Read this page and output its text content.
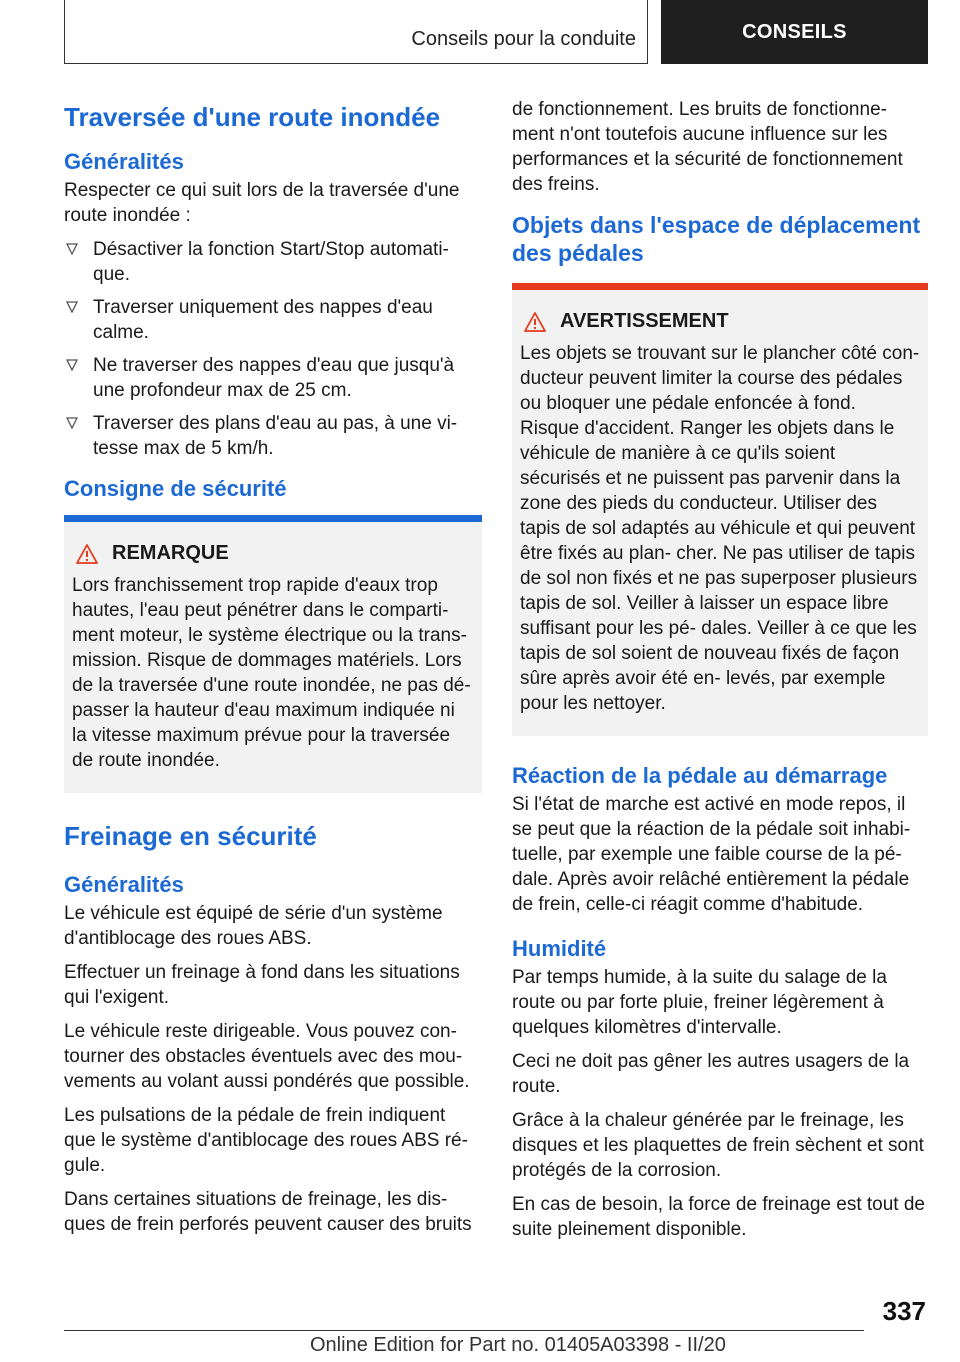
Conseils pour la conduite	CONSEILS
Traversée d'une route inondée
Généralités

Respecter ce qui suit lors de la traversée d'une route inondée :

Désactiver la fonction Start/Stop automati- que.
Traverser uniquement des nappes d'eau calme.
Ne traverser des nappes d'eau que jusqu'à une profondeur max de 25 cm.
Traverser des plans d'eau au pas, à une vi- tesse max de 5 km/h.
Consigne de sécurité
REMARQUE

Lors franchissement trop rapide d'eaux trop hautes, l'eau peut pénétrer dans le comparti- ment moteur, le système électrique ou la trans- mission. Risque de dommages matériels. Lors de la traversée d'une route inondée, ne pas dé- passer la hauteur d'eau maximum indiquée ni la vitesse maximum prévue pour la traversée de route inondée.

Freinage en sécurité
Généralités

Le véhicule est équipé de série d'un système d'antiblocage des roues ABS.

Effectuer un freinage à fond dans les situations qui l'exigent.

Le véhicule reste dirigeable. Vous pouvez con- tourner des obstacles éventuels avec des mou- vements au volant aussi pondérés que possible.

Les pulsations de la pédale de frein indiquent que le système d'antiblocage des roues ABS ré- gule.

Dans certaines situations de freinage, les dis- ques de frein perforés peuvent causer des bruits

de fonctionnement. Les bruits de fonctionne- ment n'ont toutefois aucune influence sur les performances et la sécurité de fonctionnement des freins.

Objets dans l'espace de déplacement des pédales
AVERTISSEMENT

Les objets se trouvant sur le plancher côté con- ducteur peuvent limiter la course des pédales ou bloquer une pédale enfoncée à fond. Risque d'accident. Ranger les objets dans le véhicule de manière à ce qu'ils soient sécurisés et ne puissent pas parvenir dans la zone des pieds du conducteur. Utiliser des tapis de sol adaptés au véhicule et qui peuvent être fixés au plan- cher. Ne pas utiliser de tapis de sol non fixés et ne pas superposer plusieurs tapis de sol. Veiller à laisser un espace libre suffisant pour les pé- dales. Veiller à ce que les tapis de sol soient de nouveau fixés de façon sûre après avoir été en- levés, par exemple pour les nettoyer.

Réaction de la pédale au démarrage

Si l'état de marche est activé en mode repos, il se peut que la réaction de la pédale soit inhabi- tuelle, par exemple une faible course de la pé- dale. Après avoir relâché entièrement la pédale de frein, celle-ci réagit comme d'habitude.

Humidité

Par temps humide, à la suite du salage de la route ou par forte pluie, freiner légèrement à quelques kilomètres d'intervalle.

Ceci ne doit pas gêner les autres usagers de la route.

Grâce à la chaleur générée par le freinage, les disques et les plaquettes de frein sèchent et sont protégés de la corrosion.

En cas de besoin, la force de freinage est tout de suite pleinement disponible.

337
Online Edition for Part no. 01405A03398 - II/20
